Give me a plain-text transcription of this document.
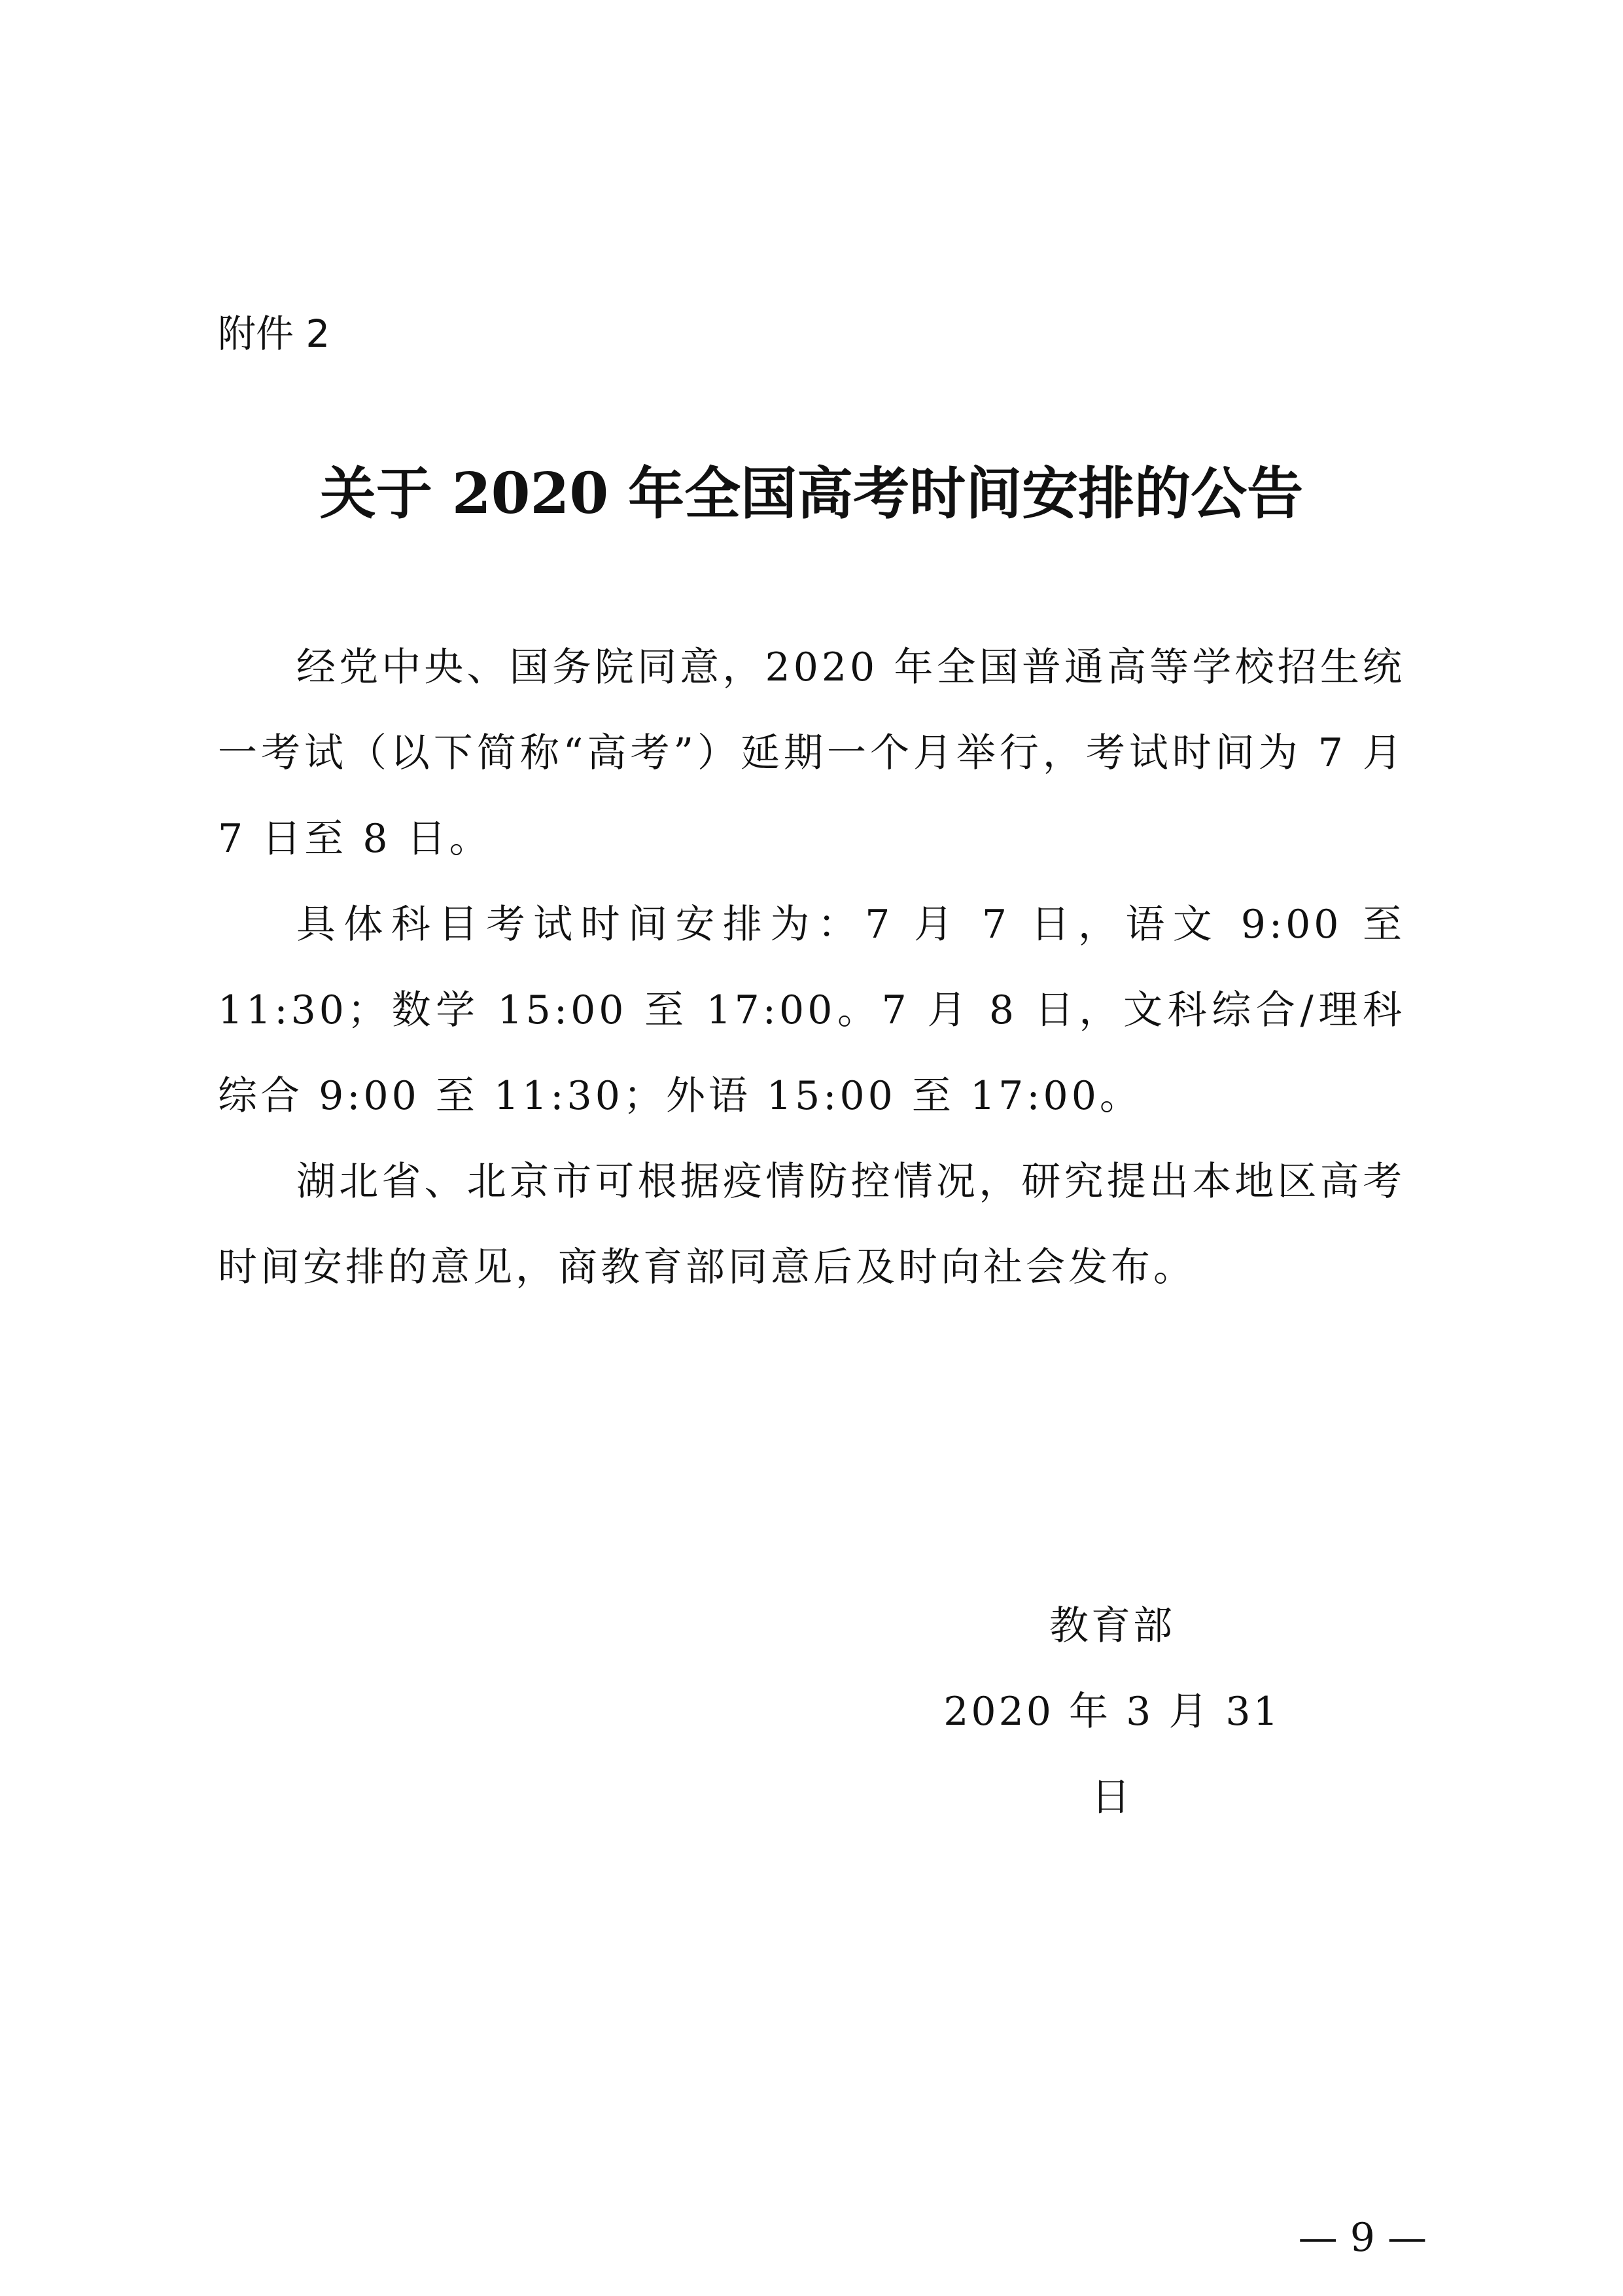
附件 2
关于 2020 年全国高考时间安排的公告

经党中央、国务院同意，2020 年全国普通高等学校招生统一考试（以下简称“高考”）延期一个月举行，考试时间为 7 月 7 日至 8 日。

具体科目考试时间安排为：7 月 7 日，语文 9:00 至 11:30；数学 15:00 至 17:00。7 月 8 日，文科综合/理科综合 9:00 至 11:30；外语 15:00 至 17:00。

湖北省、北京市可根据疫情防控情况，研究提出本地区高考时间安排的意见，商教育部同意后及时向社会发布。

教育部
2020 年 3 月 31 日
— 9 —
